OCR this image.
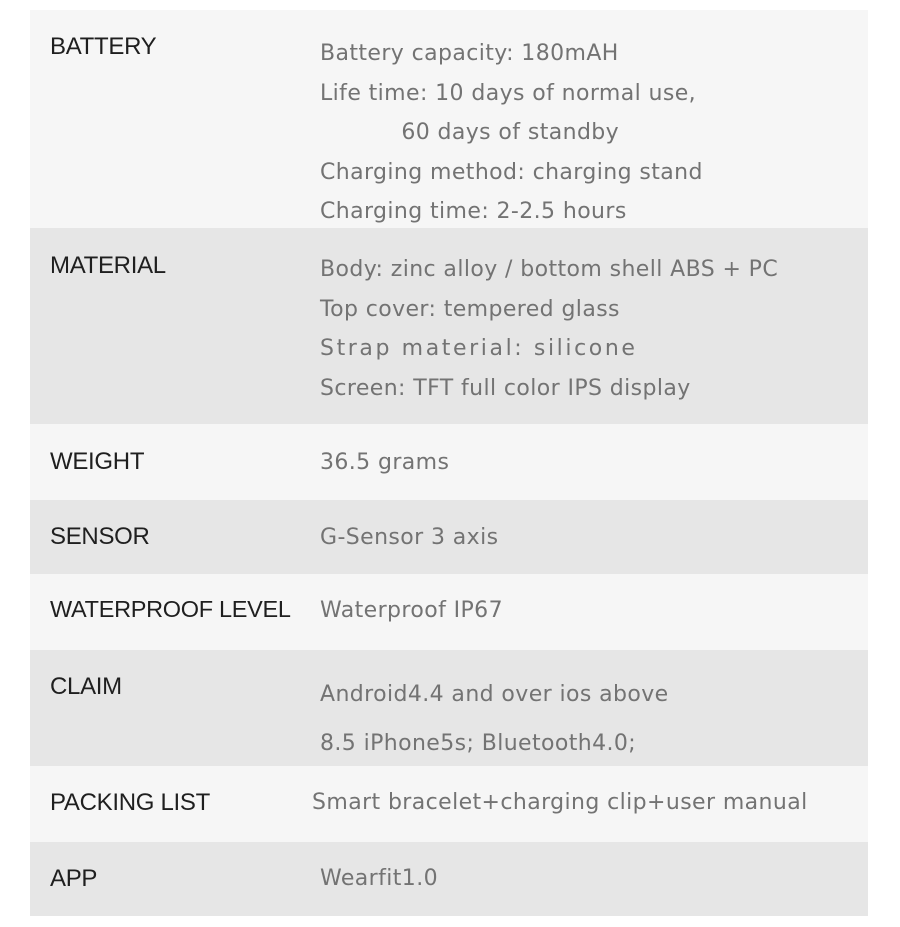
BATTERY	Battery capacity: 180mAH
Life time: 10 days of normal use,
60 days of standby
Charging method: charging stand
Charging time: 2-2.5 hours
MATERIAL	Body: zinc alloy / bottom shell ABS + PC
Top cover: tempered glass
Strap material: silicone
Screen: TFT full color IPS display
WEIGHT	36.5 grams
SENSOR	G-Sensor 3 axis
WATERPROOF LEVEL Waterproof IP67
CLAIM	Android4.4 and over ios above
8.5 iPhone5s; Bluetooth4.0;
PACKING LIST	Smart bracelet+charging clip+user manual
APP	Wearfit1.0
